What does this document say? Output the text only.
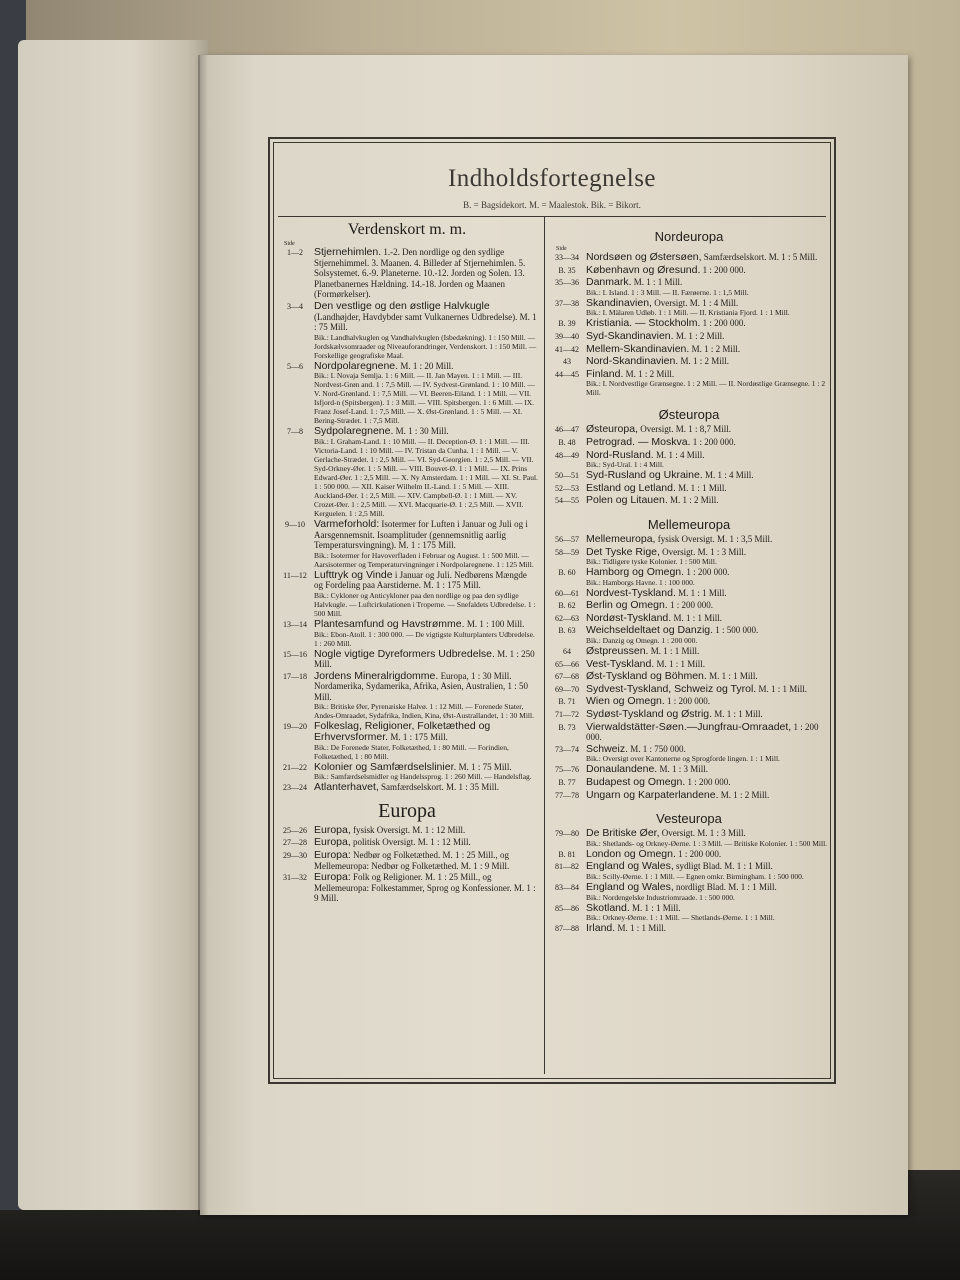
Indholdsfortegnelse
B. = Bagsidekort. M. = Maalestok. Bik. = Bikort.
Verdenskort m. m.
Side
1—2	Stjernehimlen. 1.-2. Den nordlige og den sydlige Stjernehimmel. 3. Maanen. 4. Billeder af Stjernehimlen. 5. Solsystemet. 6.-9. Planeterne. 10.-12. Jorden og Solen. 13. Planetbanernes Hældning. 14.-18. Jorden og Maanen (Formørkelser).
3—4	Den vestlige og den østlige Halvkugle (Landhøjder, Havdybder samt Vulkanernes Udbredelse). M. 1 : 75 Mill.
Bik.: Landhalvkuglen og Vandhalvkuglen (Isbedækning). 1 : 150 Mill. — Jordskælvsomraader og Niveauforandringer, Verdenskort. 1 : 150 Mill. — Forskellige geografiske Maal.
5—6	Nordpolaregnene. M. 1 : 20 Mill.
Bik.: I. Novaja Semlja. 1 : 6 Mill. — II. Jan Mayen. 1 : 1 Mill. — III. Nordvest-Grøn and. 1 : 7,5 Mill. — IV. Sydvest-Grønland. 1 : 10 Mill. — V. Nord-Grønland. 1 : 7,5 Mill. — VI. Beeren-Eiland. 1 : 1 Mill. — VII. Isfjord-n (Spitsbergen). 1 : 3 Mill. — VIII. Spitsbergen. 1 : 6 Mill. — IX. Franz Josef-Land. 1 : 7,5 Mill. — X. Øst-Grønland. 1 : 5 Mill. — XI. Bering-Strædet. 1 : 7,5 Mill.
7—8	Sydpolaregnene. M. 1 : 30 Mill.
Bik.: I. Graham-Land. 1 : 10 Mill. — II. Deception-Ø. 1 : 1 Mill. — III. Victoria-Land. 1 : 10 Mill. — IV. Tristan da Cunha. 1 : 1 Mill. — V. Gerlache-Strædet. 1 : 2,5 Mill. — VI. Syd-Georgien. 1 : 2,5 Mill. — VII. Syd-Orkney-Øer. 1 : 5 Mill. — VIII. Bouvet-Ø. 1 : 1 Mill. — IX. Prins Edward-Øer. 1 : 2,5 Mill. — X. Ny Amsterdam. 1 : 1 Mill. — XI. St. Paul. 1 : 500 000. — XII. Kaiser Wilhelm II.-Land. 1 : 5 Mill. — XIII. Auckland-Øer. 1 : 2,5 Mill. — XIV. Campbell-Ø. 1 : 1 Mill. — XV. Crozet-Øer. 1 : 2,5 Mill. — XVI. Macquarie-Ø. 1 : 2,5 Mill. — XVII. Kerguelen. 1 : 2,5 Mill.
9—10 Varmeforhold: Isotermer for Luften i Januar og Juli og i Aarsgennemsnit. Isoamplituder (gennemsnitlig aarlig Temperatursvingning). M. 1 : 175 Mill.
Bik.: Isotermer for Havoverfladen i Februar og August. 1 : 500 Mill. — Aarsisotermer og Temperaturvingninger i Nordpolaregnene. 1 : 125 Mill.
11—12 Lufttryk og Vinde i Januar og Juli. Nedbørens Mængde og Fordeling paa Aarstiderne. M. 1 : 175 Mill.
Bik.: Cykloner og Anticykloner paa den nordlige og paa den sydlige Halvkugle. — Luftcirkulationen i Troperne. — Snefaldets Udbredelse. 1 : 500 Mill.
13—14 Plantesamfund og Havstrømme. M. 1 : 100 Mill.
Bik.: Ebon-Atoll. 1 : 300 000. — De vigtigste Kulturplanters Udbredelse. 1 : 260 Mill.
15—16 Nogle vigtige Dyreformers Udbredelse. M. 1 : 250 Mill.
17—18 Jordens Mineralrigdomme. Europa, 1 : 30 Mill. Nordamerika, Sydamerika, Afrika, Asien, Australien, 1 : 50 Mill.
Bik.: Britiske Øer, Pyrenæiske Halvø. 1 : 12 Mill. — Forenede Stater, Andes-Omraadet, Sydafrika, Indien, Kina, Øst-Australlandet, 1 : 30 Mill.
19—20 Folkeslag, Religioner, Folketæthed og Erhvervsformer. M. 1 : 175 Mill.
Bik.: De Forenede Stater, Folketæthed, 1 : 80 Mill. — Forindien, Folketæthed, 1 : 80 Mill.
21—22 Kolonier og Samfærdselslinier. M. 1 : 75 Mill.
Bik.: Samfærdselsmidler og Handelssprog. 1 : 260 Mill. — Handelsflag.
23—24 Atlanterhavet, Samfærdselskort. M. 1 : 35 Mill.
Europa
25—26 Europa, fysisk Oversigt. M. 1 : 12 Mill.
27—28 Europa, politisk Oversigt. M. 1 : 12 Mill.
29—30 Europa: Nedbør og Folketæthed. M. 1 : 25 Mill., og Mellemeuropa: Nedbør og Folketæthed. M. 1 : 9 Mill.
31—32 Europa: Folk og Religioner. M. 1 : 25 Mill., og Mellemeuropa: Folkestammer, Sprog og Konfessioner. M. 1 : 9 Mill.
Nordeuropa
Side
33—34 Nordsøen og Østersøen, Samfærdselskort. M. 1 : 5 Mill.
B. 35 København og Øresund. 1 : 200 000.
35—36 Danmark. M. 1 : 1 Mill.
Bik.: I. Island. 1 : 3 Mill. — II. Færøerne. 1 : 1,5 Mill.
37—38 Skandinavien, Oversigt. M. 1 : 4 Mill.
Bik.: I. Mälaren Udløb. 1 : 1 Mill. — II. Kristiania Fjord. 1 : 1 Mill.
B. 39 Kristiania. — Stockholm. 1 : 200 000.
39—40 Syd-Skandinavien. M. 1 : 2 Mill.
41—42 Mellem-Skandinavien. M. 1 : 2 Mill.
43	Nord-Skandinavien. M. 1 : 2 Mill.
44—45 Finland. M. 1 : 2 Mill.
Bik.: I. Nordvestlige Grænsegne. 1 : 2 Mill. — II. Nordøstlige Grænsegne. 1 : 2 Mill.
Østeuropa
46—47 Østeuropa, Oversigt. M. 1 : 8,7 Mill.
B. 48 Petrograd. — Moskva. 1 : 200 000.
48—49 Nord-Rusland. M. 1 : 4 Mill.
Bik.: Syd-Ural. 1 : 4 Mill.
50—51 Syd-Rusland og Ukraine. M. 1 : 4 Mill.
52—53 Estland og Letland. M. 1 : 1 Mill.
54—55 Polen og Litauen. M. 1 : 2 Mill.
Mellemeuropa
56—57 Mellemeuropa, fysisk Oversigt. M. 1 : 3,5 Mill.
58—59 Det Tyske Rige, Oversigt. M. 1 : 3 Mill.
Bik.: Tidligere tyske Kolonier. 1 : 500 Mill.
B. 60 Hamborg og Omegn. 1 : 200 000.
Bik.: Hamborgs Havne. 1 : 100 000.
60—61 Nordvest-Tyskland. M. 1 : 1 Mill.
B. 62 Berlin og Omegn. 1 : 200 000.
62—63 Nordøst-Tyskland. M. 1 : 1 Mill.
B. 63 Weichseldeltaet og Danzig. 1 : 500 000.
Bik.: Danzig og Omegn. 1 : 200 000.
64	Østpreussen. M. 1 : 1 Mill.
65—66 Vest-Tyskland. M. 1 : 1 Mill.
67—68 Øst-Tyskland og Böhmen. M. 1 : 1 Mill.
69—70 Sydvest-Tyskland, Schweiz og Tyrol. M. 1 : 1 Mill.
B. 71 Wien og Omegn. 1 : 200 000.
71—72 Sydøst-Tyskland og Østrig. M. 1 : 1 Mill.
B. 73 Vierwaldstätter-Søen.—Jungfrau-Omraadet, 1 : 200 000.
73—74 Schweiz. M. 1 : 750 000.
Bik.: Oversigt over Kantonerne og Sprogforde lingen. 1 : 1 Mill.
75—76 Donaulandene. M. 1 : 3 Mill.
B. 77 Budapest og Omegn. 1 : 200 000.
77—78 Ungarn og Karpaterlandene. M. 1 : 2 Mill.
Vesteuropa
79—80 De Britiske Øer, Oversigt. M. 1 : 3 Mill.
Bik.: Shetlands- og Orkney-Øerne. 1 : 3 Mill. — Britiske Kolonier. 1 : 500 Mill.
B. 81 London og Omegn. 1 : 200 000.
81—82 England og Wales, sydligt Blad. M. 1 : 1 Mill.
Bik.: Scilly-Øerne. 1 : 1 Mill. — Egnen omkr. Birmingham. 1 : 500 000.
83—84 England og Wales, nordligt Blad. M. 1 : 1 Mill.
Bik.: Nordengelske Industriomraade. 1 : 500 000.
85—86 Skotland. M. 1 : 1 Mill.
Bik.: Orkney-Øerne. 1 : 1 Mill. — Shetlands-Øerne. 1 : 1 Mill.
87—88 Irland. M. 1 : 1 Mill.
